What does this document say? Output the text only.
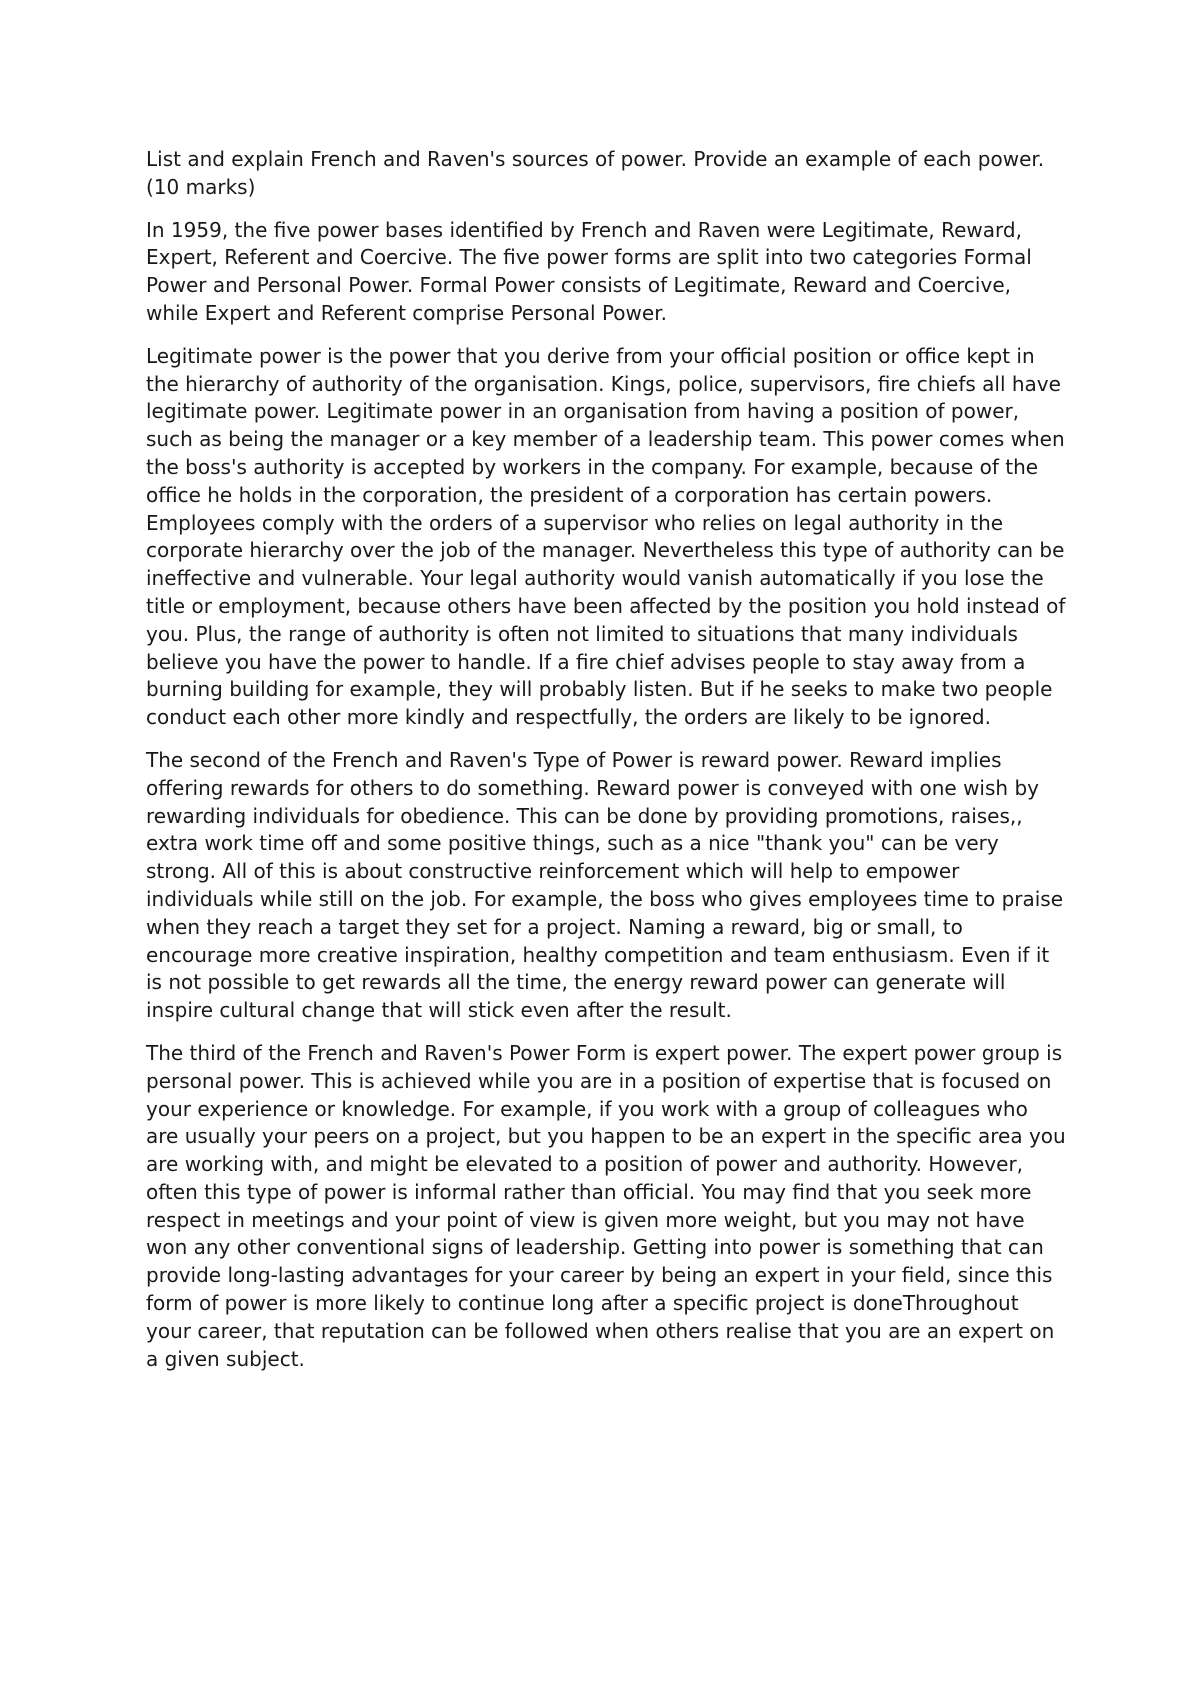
List and explain French and Raven's sources of power. Provide an example of each power. (10 marks)

In 1959, the five power bases identified by French and Raven were Legitimate, Reward, Expert, Referent and Coercive. The five power forms are split into two categories Formal Power and Personal Power. Formal Power consists of Legitimate, Reward and Coercive, while Expert and Referent comprise Personal Power.

Legitimate power is the power that you derive from your official position or office kept in the hierarchy of authority of the organisation. Kings, police, supervisors, fire chiefs all have legitimate power. Legitimate power in an organisation from having a position of power, such as being the manager or a key member of a leadership team. This power comes when the boss's authority is accepted by workers in the company. For example, because of the office he holds in the corporation, the president of a corporation has certain powers. Employees comply with the orders of a supervisor who relies on legal authority in the corporate hierarchy over the job of the manager. Nevertheless this type of authority can be ineffective and vulnerable. Your legal authority would vanish automatically if you lose the title or employment, because others have been affected by the position you hold instead of you. Plus, the range of authority is often not limited to situations that many individuals believe you have the power to handle. If a fire chief advises people to stay away from a burning building for example, they will probably listen. But if he seeks to make two people conduct each other more kindly and respectfully, the orders are likely to be ignored.

The second of the French and Raven's Type of Power is reward power. Reward implies offering rewards for others to do something. Reward power is conveyed with one wish by rewarding individuals for obedience. This can be done by providing promotions, raises,, extra work time off and some positive things, such as a nice "thank you" can be very strong. All of this is about constructive reinforcement which will help to empower individuals while still on the job. For example, the boss who gives employees time to praise when they reach a target they set for a project. Naming a reward, big or small, to encourage more creative inspiration, healthy competition and team enthusiasm. Even if it is not possible to get rewards all the time, the energy reward power can generate will inspire cultural change that will stick even after the result.

The third of the French and Raven's Power Form is expert power. The expert power group is personal power. This is achieved while you are in a position of expertise that is focused on your experience or knowledge. For example, if you work with a group of colleagues who are usually your peers on a project, but you happen to be an expert in the specific area you are working with, and might be elevated to a position of power and authority. However, often this type of power is informal rather than official. You may find that you seek more respect in meetings and your point of view is given more weight, but you may not have won any other conventional signs of leadership. Getting into power is something that can provide long-lasting advantages for your career by being an expert in your field, since this form of power is more likely to continue long after a specific project is doneThroughout your career, that reputation can be followed when others realise that you are an expert on a given subject.
